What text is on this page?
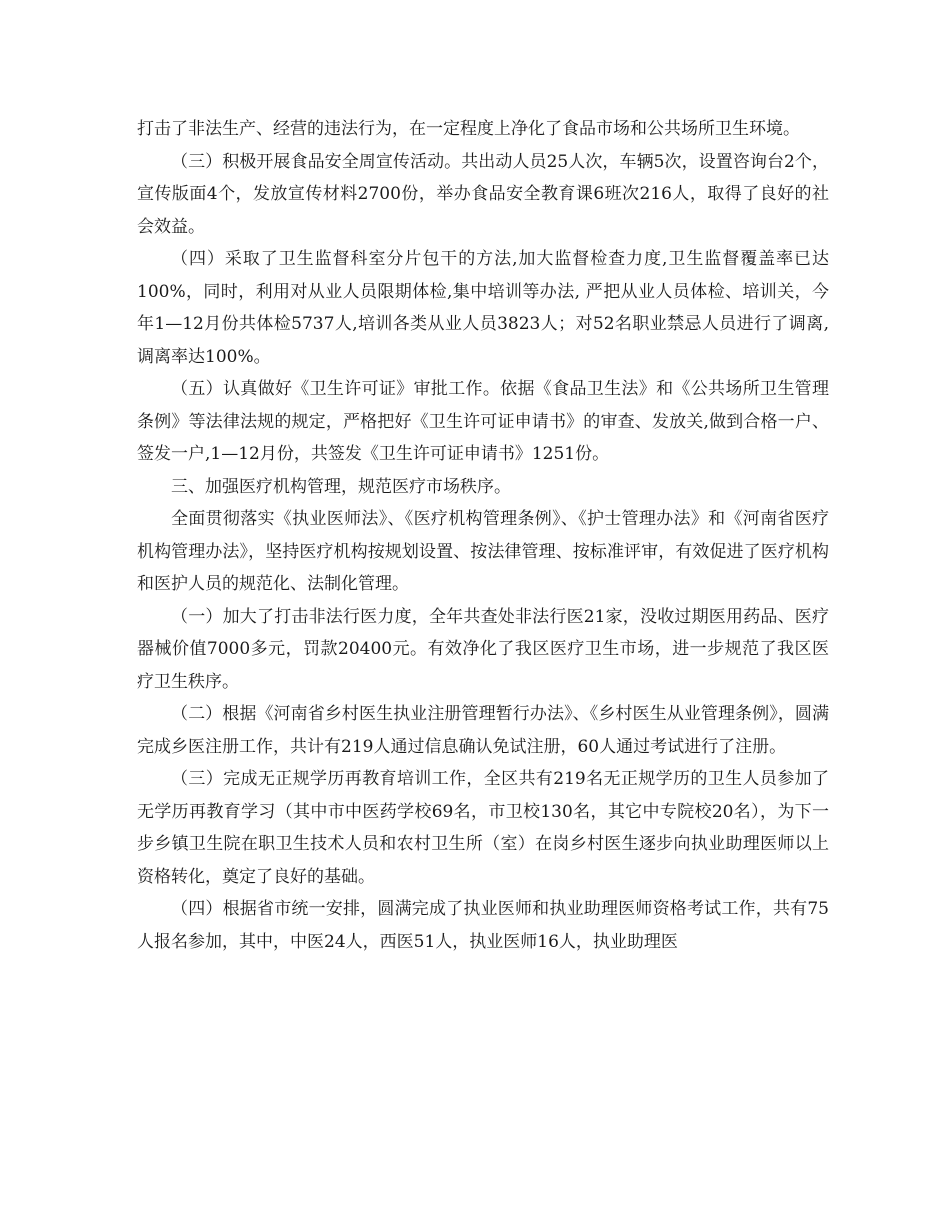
打击了非法生产、经营的违法行为，在一定程度上净化了食品市场和公共场所卫生环境。

（三）积极开展食品安全周宣传活动。共出动人员25人次，车辆5次，设置咨询台2个，宣传版面4个，发放宣传材料2700份，举办食品安全教育课6班次216人，取得了良好的社会效益。

（四）采取了卫生监督科室分片包干的方法,加大监督检查力度,卫生监督覆盖率已达100%，同时，利用对从业人员限期体检,集中培训等办法, 严把从业人员体检、培训关，今年1—12月份共体检5737人,培训各类从业人员3823人；对52名职业禁忌人员进行了调离,调离率达100%。

（五）认真做好《卫生许可证》审批工作。依据《食品卫生法》和《公共场所卫生管理条例》等法律法规的规定，严格把好《卫生许可证申请书》的审查、发放关,做到合格一户、签发一户,1—12月份，共签发《卫生许可证申请书》1251份。

三、加强医疗机构管理，规范医疗市场秩序。

全面贯彻落实《执业医师法》、《医疗机构管理条例》、《护士管理办法》和《河南省医疗机构管理办法》，坚持医疗机构按规划设置、按法律管理、按标准评审，有效促进了医疗机构和医护人员的规范化、法制化管理。

（一）加大了打击非法行医力度，全年共查处非法行医21家，没收过期医用药品、医疗器械价值7000多元，罚款20400元。有效净化了我区医疗卫生市场，进一步规范了我区医疗卫生秩序。

（二）根据《河南省乡村医生执业注册管理暂行办法》、《乡村医生从业管理条例》，圆满完成乡医注册工作，共计有219人通过信息确认免试注册，60人通过考试进行了注册。

（三）完成无正规学历再教育培训工作，全区共有219名无正规学历的卫生人员参加了无学历再教育学习（其中市中医药学校69名，市卫校130名，其它中专院校20名），为下一步乡镇卫生院在职卫生技术人员和农村卫生所（室）在岗乡村医生逐步向执业助理医师以上资格转化，奠定了良好的基础。

（四）根据省市统一安排，圆满完成了执业医师和执业助理医师资格考试工作，共有75人报名参加，其中，中医24人，西医51人，执业医师16人，执业助理医
